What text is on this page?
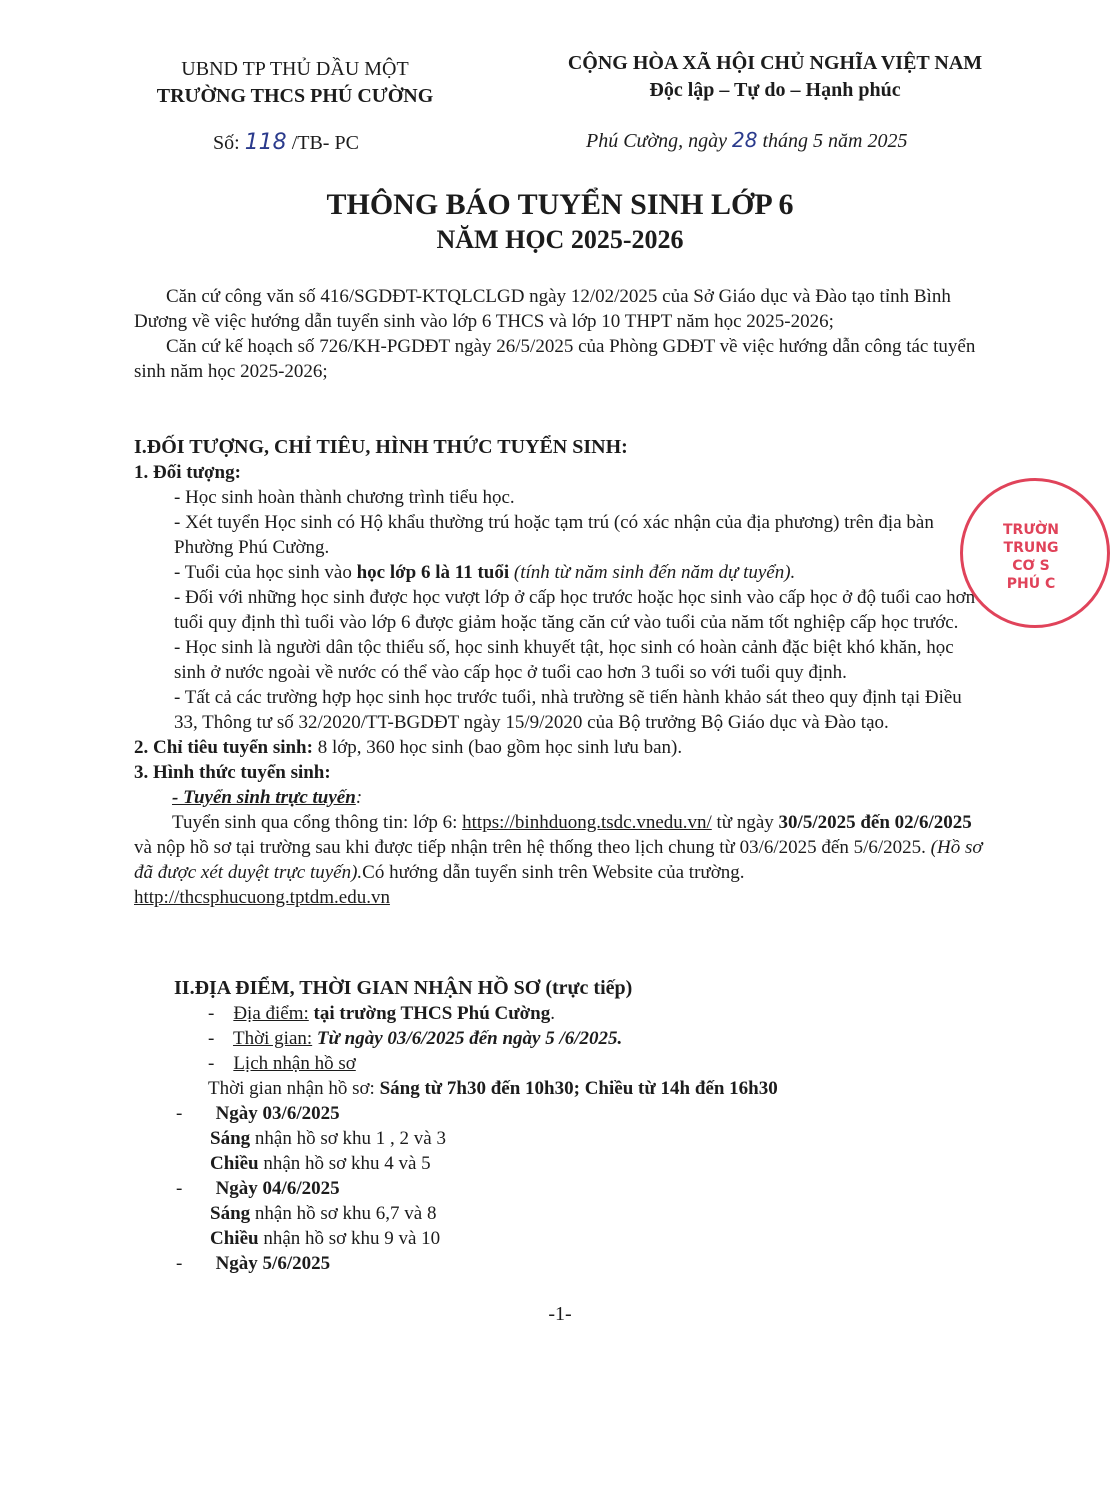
UBND TP THỦ DẦU MỘT
TRƯỜNG THCS PHÚ CƯỜNG
CỘNG HÒA XÃ HỘI CHỦ NGHĨA VIỆT NAM
Độc lập – Tự do – Hạnh phúc
Số: 118 /TB- PC	Phú Cường, ngày 28 tháng 5 năm 2025
THÔNG BÁO TUYỂN SINH LỚP 6
NĂM HỌC 2025-2026

Căn cứ công văn số 416/SGDĐT-KTQLCLGD ngày 12/02/2025 của Sở Giáo dục và Đào tạo tỉnh Bình Dương về việc hướng dẫn tuyển sinh vào lớp 6 THCS và lớp 10 THPT năm học 2025-2026;

Căn cứ kế hoạch số 726/KH-PGDĐT ngày 26/5/2025 của Phòng GDĐT về việc hướng dẫn công tác tuyển sinh năm học 2025-2026;

I.ĐỐI TƯỢNG, CHỈ TIÊU, HÌNH THỨC TUYỂN SINH:

1. Đối tượng:

- Học sinh hoàn thành chương trình tiểu học.

- Xét tuyển Học sinh có Hộ khẩu thường trú hoặc tạm trú (có xác nhận của địa phương) trên địa bàn Phường Phú Cường.

- Tuổi của học sinh vào học lớp 6 là 11 tuổi (tính từ năm sinh đến năm dự tuyển).

- Đối với những học sinh được học vượt lớp ở cấp học trước hoặc học sinh vào cấp học ở độ tuổi cao hơn tuổi quy định thì tuổi vào lớp 6 được giảm hoặc tăng căn cứ vào tuổi của năm tốt nghiệp cấp học trước.

- Học sinh là người dân tộc thiểu số, học sinh khuyết tật, học sinh có hoàn cảnh đặc biệt khó khăn, học sinh ở nước ngoài về nước có thể vào cấp học ở tuổi cao hơn 3 tuổi so với tuổi quy định.

- Tất cả các trường hợp học sinh học trước tuổi, nhà trường sẽ tiến hành khảo sát theo quy định tại Điều 33, Thông tư số 32/2020/TT-BGDĐT ngày 15/9/2020 của Bộ trưởng Bộ Giáo dục và Đào tạo.

2. Chỉ tiêu tuyển sinh: 8 lớp, 360 học sinh (bao gồm học sinh lưu ban).

3. Hình thức tuyển sinh:

- Tuyển sinh trực tuyến:

Tuyển sinh qua cổng thông tin: lớp 6: https://binhduong.tsdc.vnedu.vn/ từ ngày 30/5/2025 đến 02/6/2025 và nộp hồ sơ tại trường sau khi được tiếp nhận trên hệ thống theo lịch chung từ 03/6/2025 đến 5/6/2025. (Hồ sơ đã được xét duyệt trực tuyến).Có hướng dẫn tuyển sinh trên Website của trường. http://thcsphucuong.tptdm.edu.vn

II.ĐỊA ĐIỂM, THỜI GIAN NHẬN HỒ SƠ (trực tiếp)

-    Địa điểm: tại trường THCS Phú Cường.

-    Thời gian: Từ ngày 03/6/2025 đến ngày 5 /6/2025.

-    Lịch nhận hồ sơ

Thời gian nhận hồ sơ: Sáng từ 7h30 đến 10h30; Chiều từ 14h đến 16h30

-       Ngày 03/6/2025

Sáng nhận hồ sơ khu 1 , 2 và 3

Chiều nhận hồ sơ khu 4 và 5

-       Ngày 04/6/2025

Sáng nhận hồ sơ khu 6,7 và 8

Chiều nhận hồ sơ khu 9 và 10

-       Ngày 5/6/2025

TRƯỜN
TRUNG
CƠ S
PHÚ C
-1-
